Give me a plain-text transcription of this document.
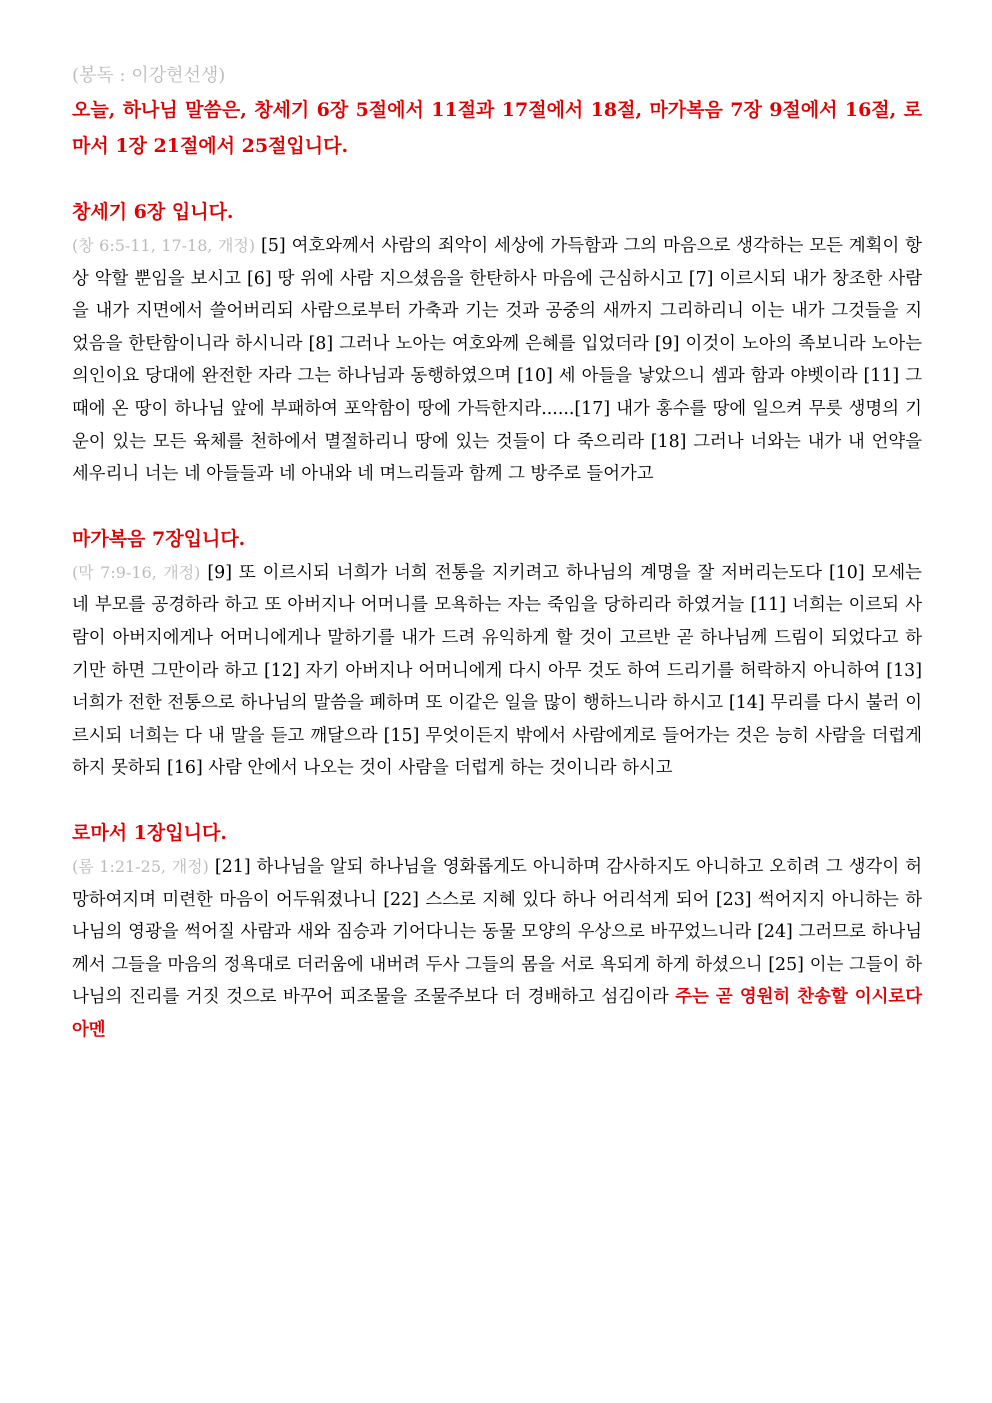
(봉독 : 이강현선생)

오늘, 하나님 말씀은, 창세기 6장 5절에서 11절과 17절에서 18절, 마가복음 7장 9절에서 16절, 로마서 1장 21절에서 25절입니다.

창세기 6장 입니다.

(창 6:5-11, 17-18, 개정) [5] 여호와께서 사람의 죄악이 세상에 가득함과 그의 마음으로 생각하는 모든 계획이 항상 악할 뿐임을 보시고 [6] 땅 위에 사람 지으셨음을 한탄하사 마음에 근심하시고 [7] 이르시되 내가 창조한 사람을 내가 지면에서 쓸어버리되 사람으로부터 가축과 기는 것과 공중의 새까지 그리하리니 이는 내가 그것들을 지었음을 한탄함이니라 하시니라 [8] 그러나 노아는 여호와께 은혜를 입었더라 [9] 이것이 노아의 족보니라 노아는 의인이요 당대에 완전한 자라 그는 하나님과 동행하였으며 [10] 세 아들을 낳았으니 셈과 함과 야벳이라 [11] 그 때에 온 땅이 하나님 앞에 부패하여 포악함이 땅에 가득한지라......[17] 내가 홍수를 땅에 일으켜 무릇 생명의 기운이 있는 모든 육체를 천하에서 멸절하리니 땅에 있는 것들이 다 죽으리라 [18] 그러나 너와는 내가 내 언약을 세우리니 너는 네 아들들과 네 아내와 네 며느리들과 함께 그 방주로 들어가고

마가복음 7장입니다.

(막 7:9-16, 개정) [9] 또 이르시되 너희가 너희 전통을 지키려고 하나님의 계명을 잘 저버리는도다 [10] 모세는 네 부모를 공경하라 하고 또 아버지나 어머니를 모욕하는 자는 죽임을 당하리라 하였거늘 [11] 너희는 이르되 사람이 아버지에게나 어머니에게나 말하기를 내가 드려 유익하게 할 것이 고르반 곧 하나님께 드림이 되었다고 하기만 하면 그만이라 하고 [12] 자기 아버지나 어머니에게 다시 아무 것도 하여 드리기를 허락하지 아니하여 [13] 너희가 전한 전통으로 하나님의 말씀을 폐하며 또 이같은 일을 많이 행하느니라 하시고 [14] 무리를 다시 불러 이르시되 너희는 다 내 말을 듣고 깨달으라 [15] 무엇이든지 밖에서 사람에게로 들어가는 것은 능히 사람을 더럽게 하지 못하되 [16] 사람 안에서 나오는 것이 사람을 더럽게 하는 것이니라 하시고

로마서 1장입니다.

(롬 1:21-25, 개정) [21] 하나님을 알되 하나님을 영화롭게도 아니하며 감사하지도 아니하고 오히려 그 생각이 허망하여지며 미련한 마음이 어두워졌나니 [22] 스스로 지혜 있다 하나 어리석게 되어 [23] 썩어지지 아니하는 하나님의 영광을 썩어질 사람과 새와 짐승과 기어다니는 동물 모양의 우상으로 바꾸었느니라 [24] 그러므로 하나님께서 그들을 마음의 정욕대로 더러움에 내버려 두사 그들의 몸을 서로 욕되게 하게 하셨으니 [25] 이는 그들이 하나님의 진리를 거짓 것으로 바꾸어 피조물을 조물주보다 더 경배하고 섬김이라 주는 곧 영원히 찬송할 이시로다 아멘
